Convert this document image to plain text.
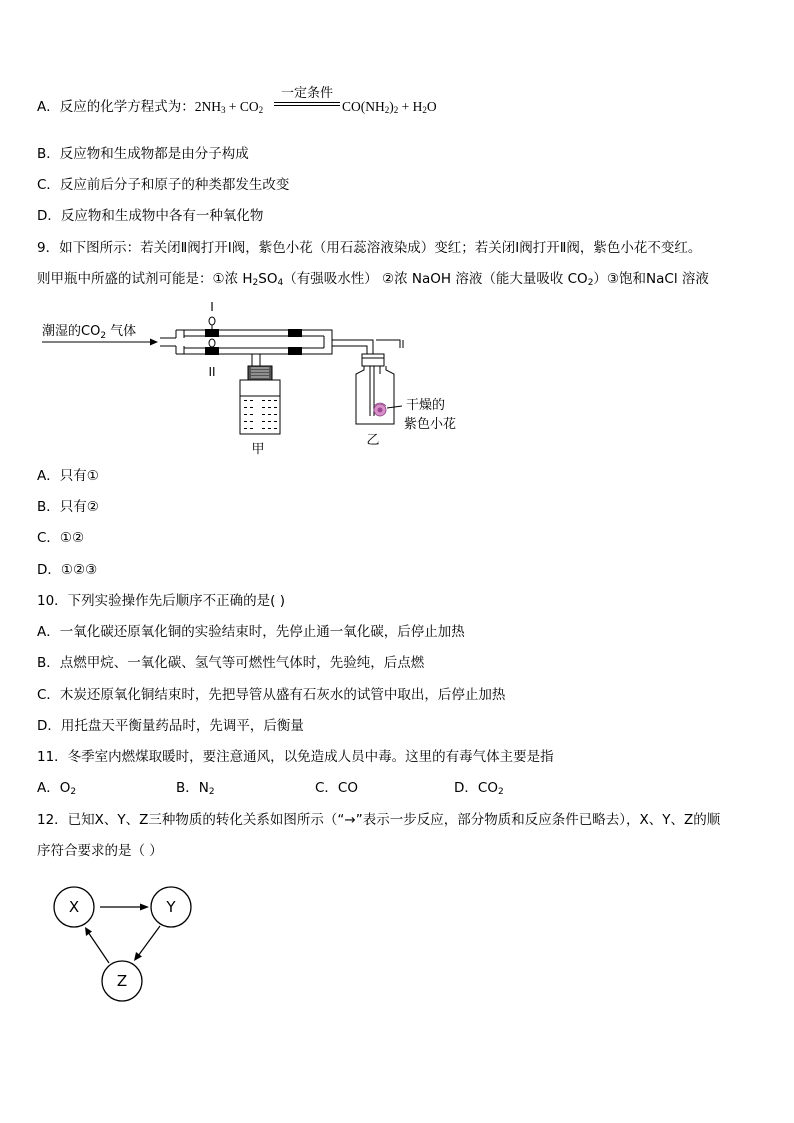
A．反应的化学方程式为：$2NH_3 + CO_2$
一定条件
$CO(NH_2)_2 + H_2O$
B．反应物和生成物都是由分子构成
C．反应前后分子和原子的种类都发生改变
D．反应物和生成物中各有一种氧化物
9．如下图所示：若关闭Ⅱ阀打开Ⅰ阀，紫色小花（用石蕊溶液染成）变红；若关闭Ⅰ阀打开Ⅱ阀，紫色小花不变红。
则甲瓶中所盛的试剂可能是：①浓 $H_2SO_4$（有强吸水性） ②浓 NaOH 溶液（能大量吸收 $CO_2)③$饱和NaCl 溶液
潮湿的$CO_2$ 气体
I
II
甲
干燥的
紫色小花
乙
A．只有①
B．只有②
C．①②
D．①②③
10．下列实验操作先后顺序不正确的是( )
A．一氧化碳还原氧化铜的实验结束时，先停止通一氧化碳，后停止加热
B．点燃甲烷、一氧化碳、氢气等可燃性气体时，先验纯，后点燃
C．木炭还原氧化铜结束时，先把导管从盛有石灰水的试管中取出，后停止加热
D．用托盘天平衡量药品时，先调平，后衡量
11．冬季室内燃煤取暖时，要注意通风，以免造成人员中毒。这里的有毒气体主要是指
A．$O_2$	B．$N_2$	C．CO	D．$CO_2$
12．已知X、Y、Z三种物质的转化关系如图所示（“→”表示一步反应，部分物质和反应条件已略去），X、Y、Z的顺
序符合要求的是（ ）
X	Y
Z
